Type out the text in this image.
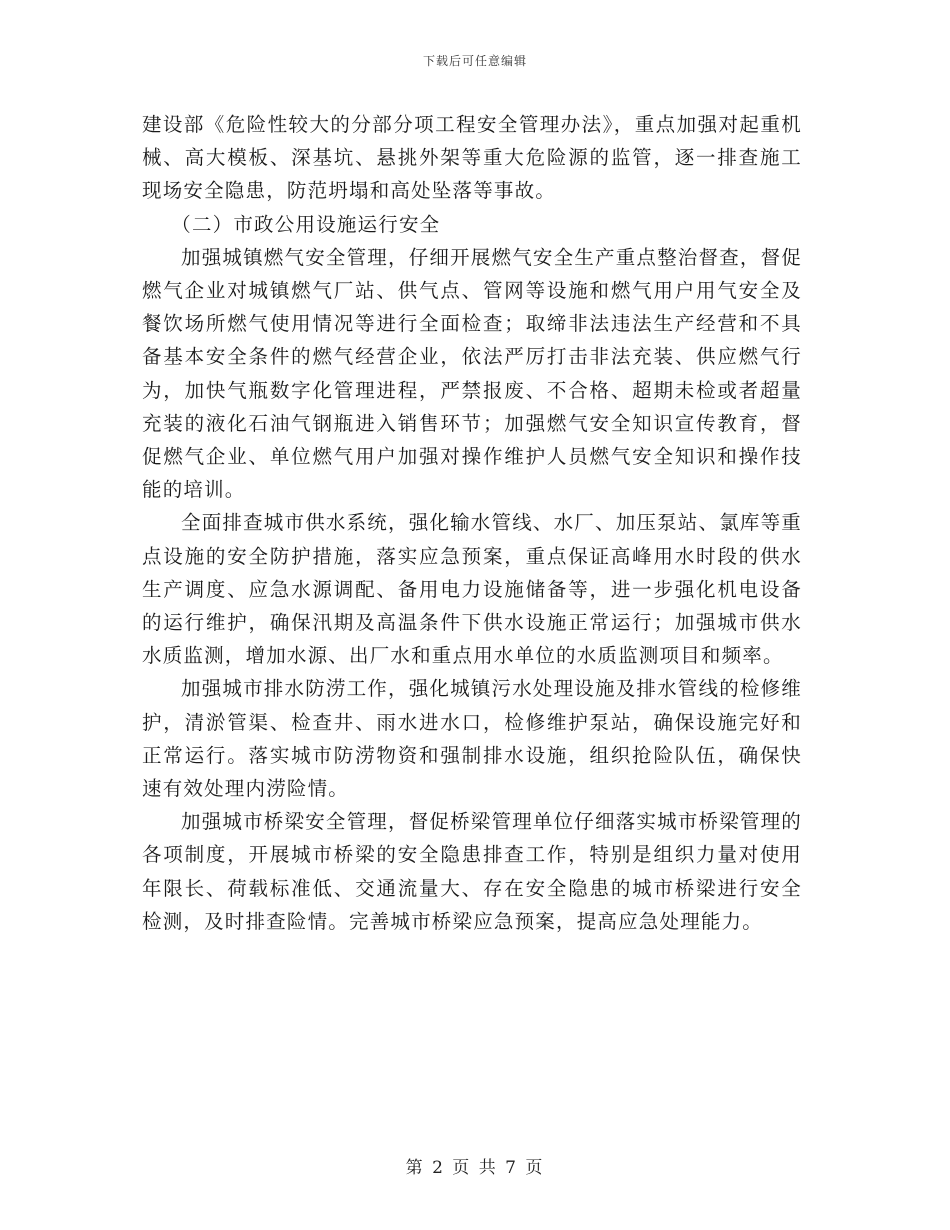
下载后可任意编辑

建设部《危险性较大的分部分项工程安全管理办法》，重点加强对起重机械、高大模板、深基坑、悬挑外架等重大危险源的监管，逐一排查施工现场安全隐患，防范坍塌和高处坠落等事故。

（二）市政公用设施运行安全

加强城镇燃气安全管理，仔细开展燃气安全生产重点整治督查，督促燃气企业对城镇燃气厂站、供气点、管网等设施和燃气用户用气安全及餐饮场所燃气使用情况等进行全面检查；取缔非法违法生产经营和不具备基本安全条件的燃气经营企业，依法严厉打击非法充装、供应燃气行为，加快气瓶数字化管理进程，严禁报废、不合格、超期未检或者超量充装的液化石油气钢瓶进入销售环节；加强燃气安全知识宣传教育，督促燃气企业、单位燃气用户加强对操作维护人员燃气安全知识和操作技能的培训。

全面排查城市供水系统，强化输水管线、水厂、加压泵站、氯库等重点设施的安全防护措施，落实应急预案，重点保证高峰用水时段的供水生产调度、应急水源调配、备用电力设施储备等，进一步强化机电设备的运行维护，确保汛期及高温条件下供水设施正常运行；加强城市供水水质监测，增加水源、出厂水和重点用水单位的水质监测项目和频率。

加强城市排水防涝工作，强化城镇污水处理设施及排水管线的检修维护，清淤管渠、检查井、雨水进水口，检修维护泵站，确保设施完好和正常运行。落实城市防涝物资和强制排水设施，组织抢险队伍，确保快速有效处理内涝险情。

加强城市桥梁安全管理，督促桥梁管理单位仔细落实城市桥梁管理的各项制度，开展城市桥梁的安全隐患排查工作，特别是组织力量对使用年限长、荷载标准低、交通流量大、存在安全隐患的城市桥梁进行安全检测，及时排查险情。完善城市桥梁应急预案，提高应急处理能力。

第 2 页 共 7 页
